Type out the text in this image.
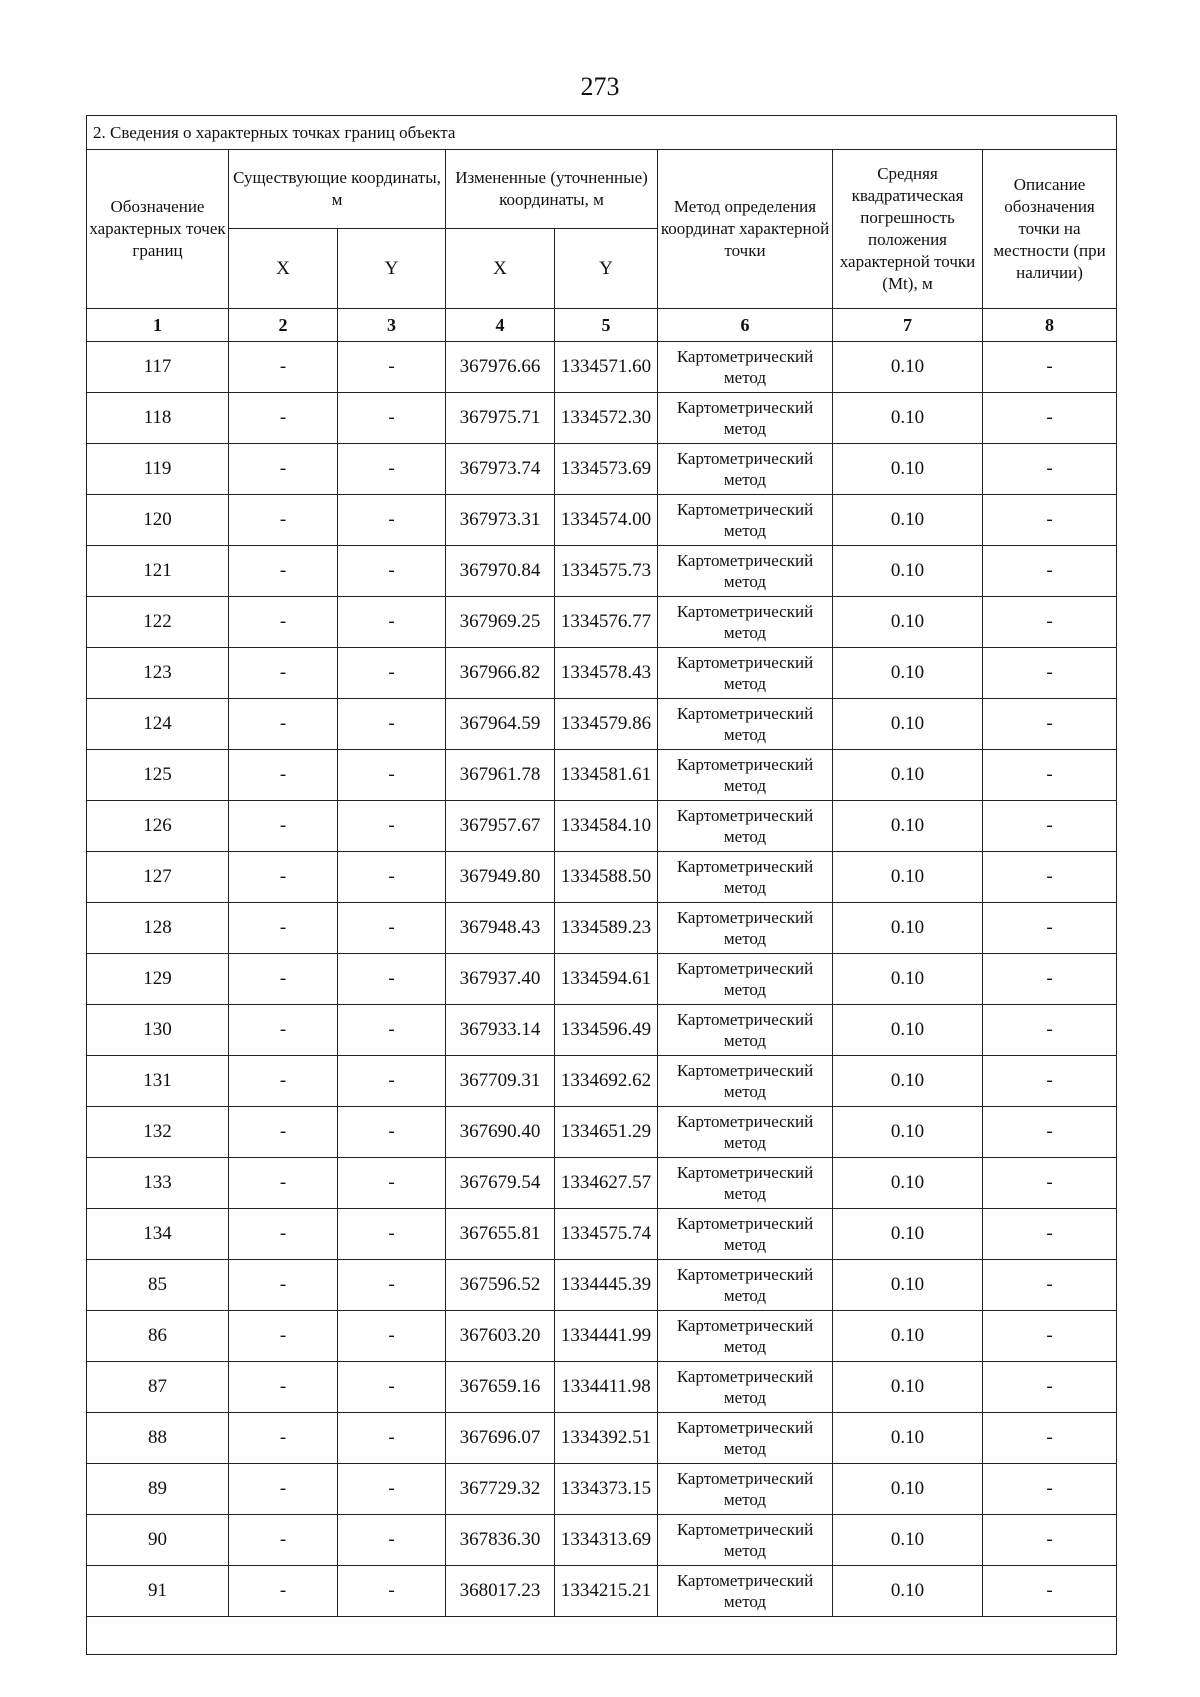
273
2. Сведения о характерных точках границ объекта							
Обозначение характерных точек границ	Существующие координаты, м		Измененные (уточненные) координаты, м		Метод определения координат характерной точки	Средняя квадратическая погрешность положения характерной точки (Mt), м	Описание обозначения точки на местности (при наличии)
	X	Y	X	Y			
1	2	3	4	5	6	7	8
117	-	-	367976.66	1334571.60	Картометрический метод	0.10	-
118	-	-	367975.71	1334572.30	Картометрический метод	0.10	-
119	-	-	367973.74	1334573.69	Картометрический метод	0.10	-
120	-	-	367973.31	1334574.00	Картометрический метод	0.10	-
121	-	-	367970.84	1334575.73	Картометрический метод	0.10	-
122	-	-	367969.25	1334576.77	Картометрический метод	0.10	-
123	-	-	367966.82	1334578.43	Картометрический метод	0.10	-
124	-	-	367964.59	1334579.86	Картометрический метод	0.10	-
125	-	-	367961.78	1334581.61	Картометрический метод	0.10	-
126	-	-	367957.67	1334584.10	Картометрический метод	0.10	-
127	-	-	367949.80	1334588.50	Картометрический метод	0.10	-
128	-	-	367948.43	1334589.23	Картометрический метод	0.10	-
129	-	-	367937.40	1334594.61	Картометрический метод	0.10	-
130	-	-	367933.14	1334596.49	Картометрический метод	0.10	-
131	-	-	367709.31	1334692.62	Картометрический метод	0.10	-
132	-	-	367690.40	1334651.29	Картометрический метод	0.10	-
133	-	-	367679.54	1334627.57	Картометрический метод	0.10	-
134	-	-	367655.81	1334575.74	Картометрический метод	0.10	-
85	-	-	367596.52	1334445.39	Картометрический метод	0.10	-
86	-	-	367603.20	1334441.99	Картометрический метод	0.10	-
87	-	-	367659.16	1334411.98	Картометрический метод	0.10	-
88	-	-	367696.07	1334392.51	Картометрический метод	0.10	-
89	-	-	367729.32	1334373.15	Картометрический метод	0.10	-
90	-	-	367836.30	1334313.69	Картометрический метод	0.10	-
91	-	-	368017.23	1334215.21	Картометрический метод	0.10	-
